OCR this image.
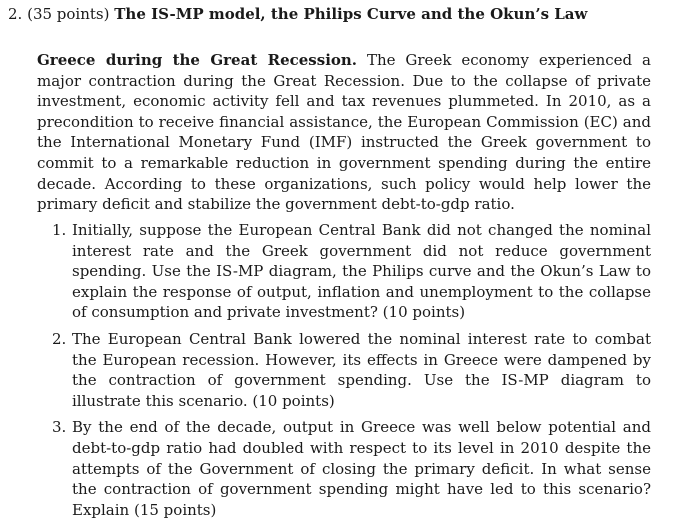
2. (35 points) The IS-MP model, the Philips Curve and the Okun’s Law
Greece during the Great Recession. The Greek economy experienced a major contraction during the Great Recession. Due to the collapse of private investment, economic activity fell and tax revenues plummeted. In 2010, as a precondition to receive financial assistance, the European Commission (EC) and the International Monetary Fund (IMF) instructed the Greek government to commit to a remarkable reduction in government spending during the entire decade. According to these organizations, such policy would help lower the primary deficit and stabilize the government debt-to-gdp ratio.
1. Initially, suppose the European Central Bank did not changed the nominal interest rate and the Greek government did not reduce government spending. Use the IS-MP diagram, the Philips curve and the Okun’s Law to explain the response of output, inflation and unemployment to the collapse of consumption and private investment? (10 points)
2. The European Central Bank lowered the nominal interest rate to combat the European recession. However, its effects in Greece were dampened by the contraction of government spending. Use the IS-MP diagram to illustrate this scenario. (10 points)
3. By the end of the decade, output in Greece was well below potential and debt-to-gdp ratio had doubled with respect to its level in 2010 despite the attempts of the Government of closing the primary deficit. In what sense the contraction of government spending might have led to this scenario? Explain (15 points)
